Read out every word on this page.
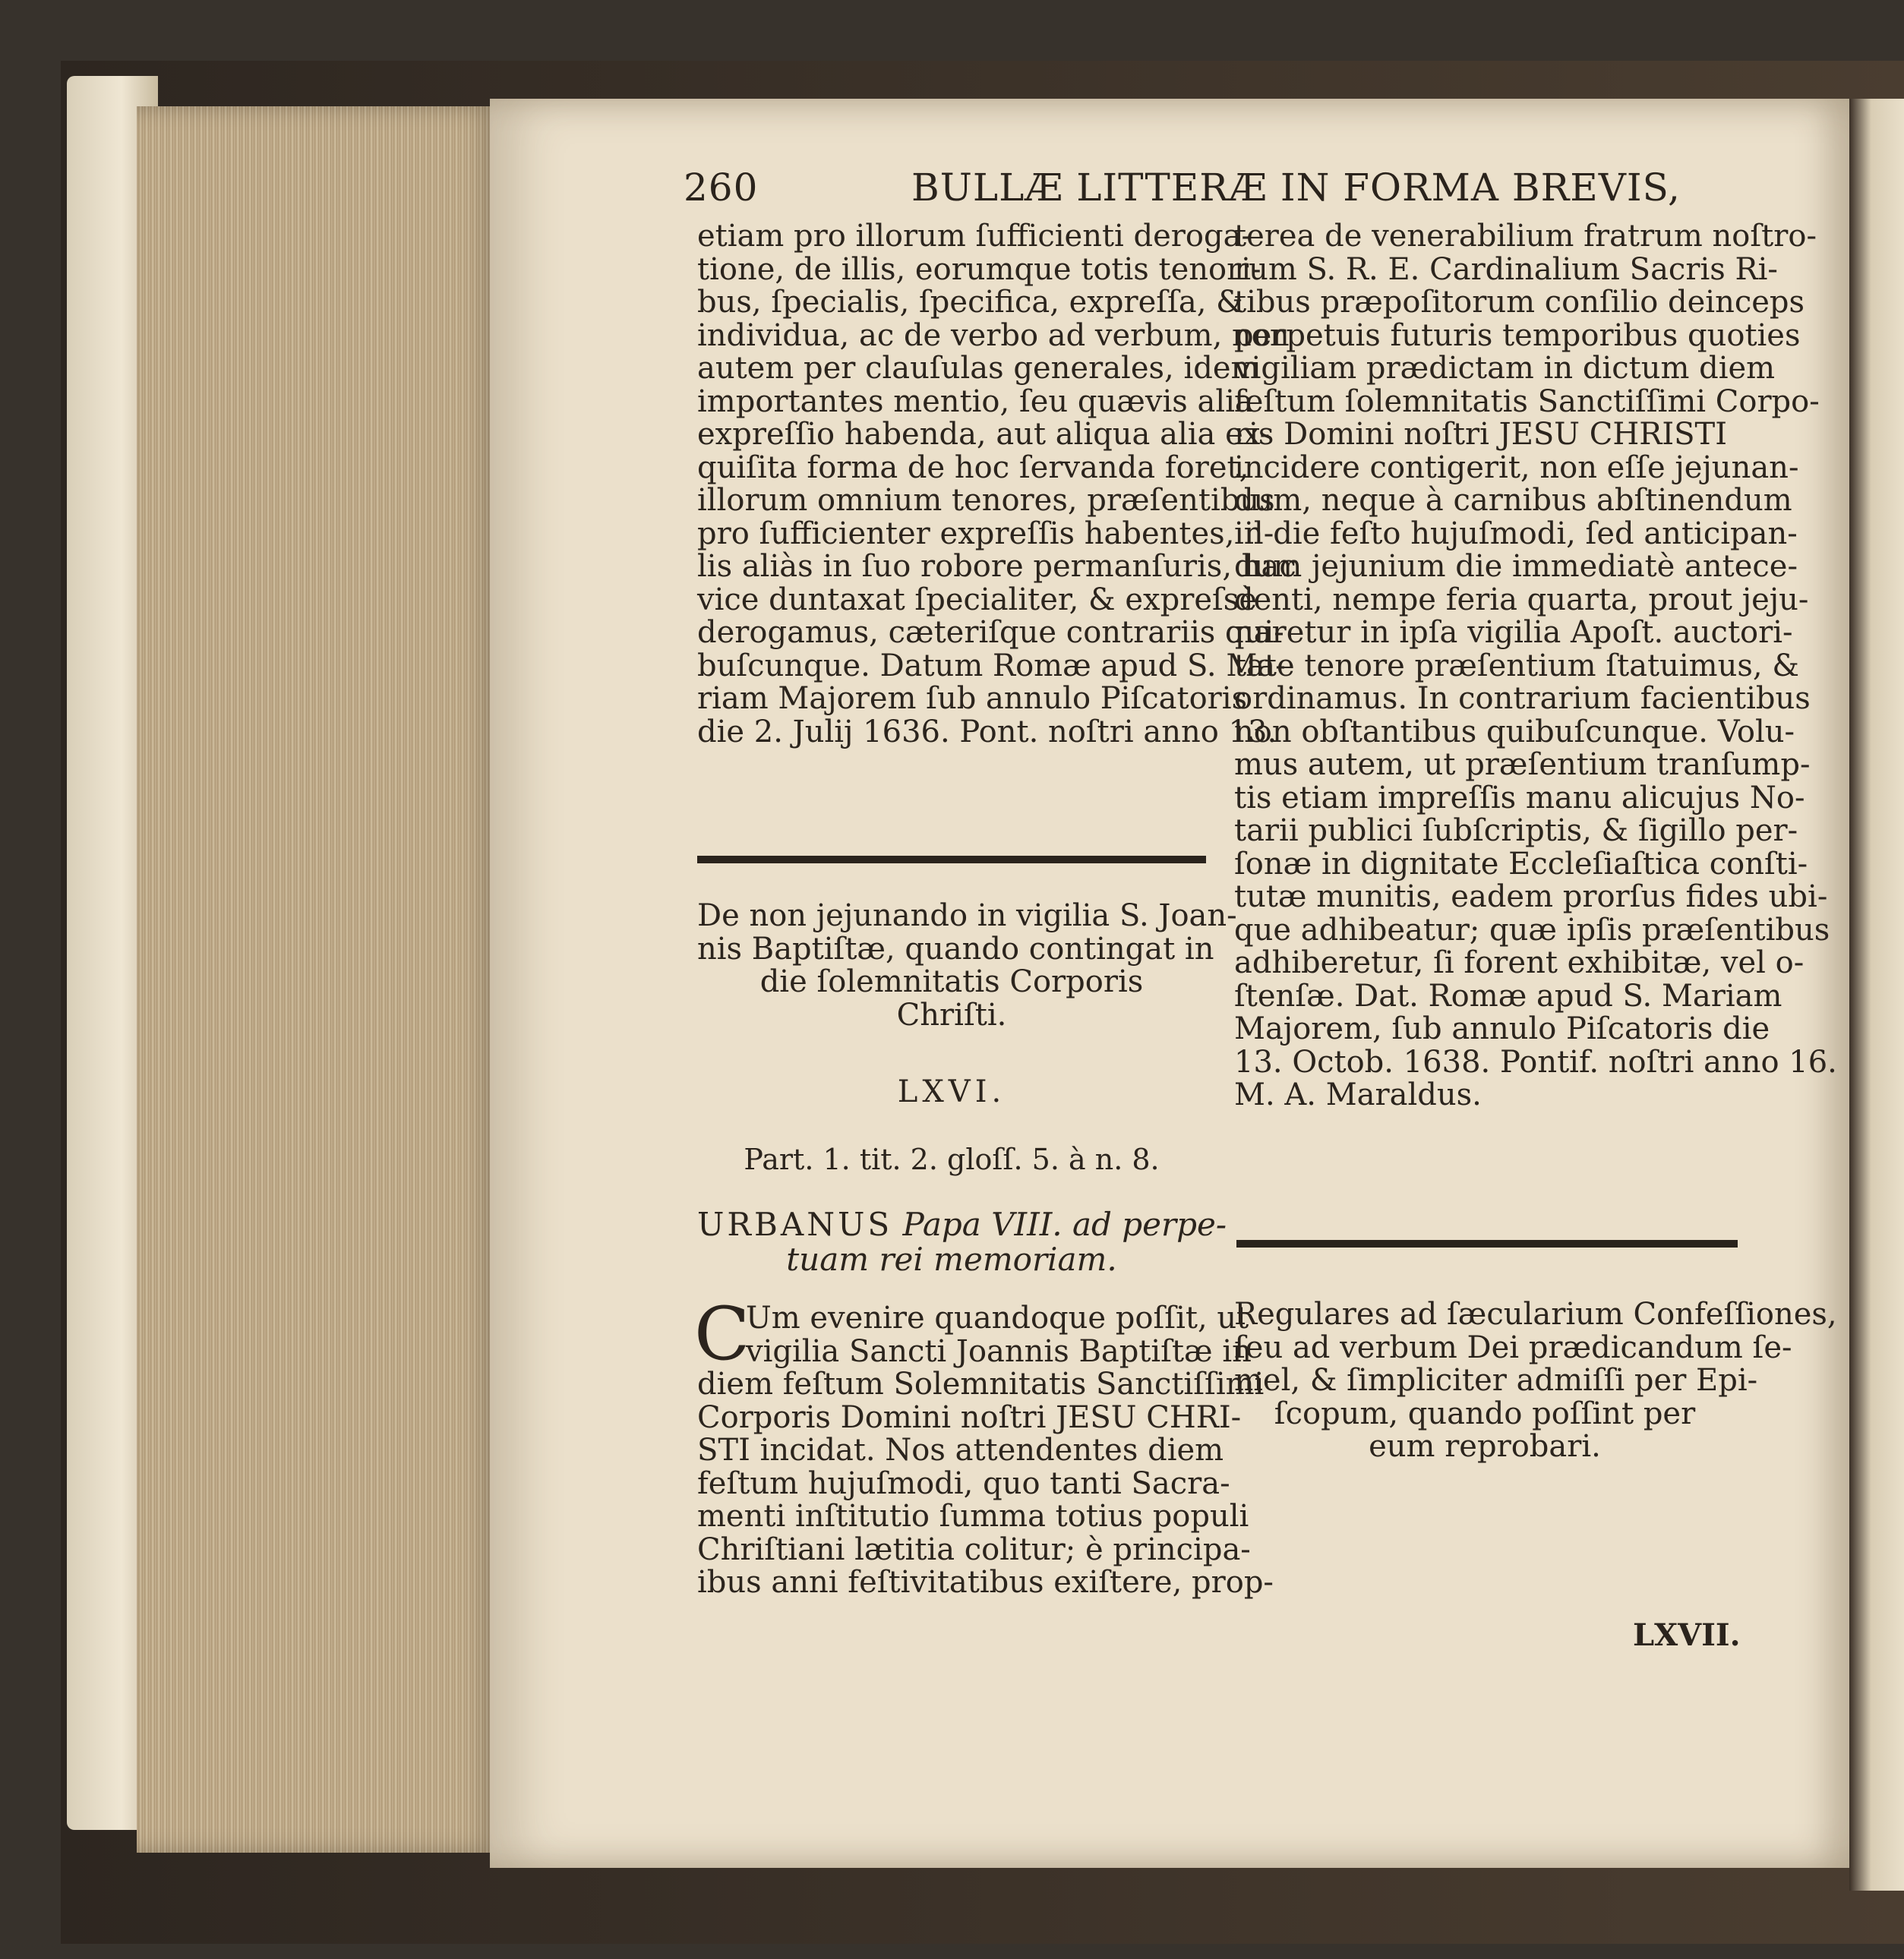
260	BULLÆ LITTERÆ IN FORMA BREVIS,
etiam pro illorum ſufficienti deroga-
tione, de illis, eorumque totis tenori-
bus, ſpecialis, ſpecifica, expreſſa, &
individua, ac de verbo ad verbum, non
autem per clauſulas generales, idem
importantes mentio, ſeu quævis alia
expreſſio habenda, aut aliqua alia ex-
quiſita forma de hoc ſervanda foret,
illorum omnium tenores, præſentibus
pro ſufficienter expreſſis habentes, il-
lis aliàs in ſuo robore permanſuris, hac
vice duntaxat ſpecialiter, & expreſsè
derogamus, cæteriſque contrariis qui-
buſcunque. Datum Romæ apud S. Ma-
riam Majorem ſub annulo Piſcatoris
die 2. Julij 1636. Pont. noſtri anno 13.
De non jejunando in vigilia S. Joan-
nis Baptiſtæ, quando contingat in
die ſolemnitatis Corporis
Chriſti.
LXVI.
Part. 1. tit. 2. gloſſ. 5. à n. 8.
URBANUS Papa VIII. ad perpe-
tuam rei memoriam.
C
Um evenire quandoque poſſit, ut
vigilia Sancti Joannis Baptiſtæ in
diem feſtum Solemnitatis Sanctiſſimi
Corporis Domini noſtri JESU CHRI-
STI incidat. Nos attendentes diem
feſtum hujuſmodi, quo tanti Sacra-
menti inſtitutio ſumma totius populi
Chriſtiani lætitia colitur; è principa-
ibus anni feſtivitatibus exiſtere, prop-
terea de venerabilium fratrum noſtro-
rum S. R. E. Cardinalium Sacris Ri-
tibus præpoſitorum conſilio deinceps
perpetuis futuris temporibus quoties
vigiliam prædictam in dictum diem
feſtum ſolemnitatis Sanctiſſimi Corpo-
ris Domini noſtri JESU CHRISTI
incidere contigerit, non eſſe jejunan-
dum, neque à carnibus abſtinendum
in die feſto hujuſmodi, ſed anticipan-
dum jejunium die immediatè antece-
denti, nempe feria quarta, prout jeju-
naretur in ipſa vigilia Apoſt. auctori-
tate tenore præſentium ſtatuimus, &
ordinamus. In contrarium facientibus
non obſtantibus quibuſcunque. Volu-
mus autem, ut præſentium tranſump-
tis etiam impreſſis manu alicujus No-
tarii publici ſubſcriptis, & ſigillo per-
ſonæ in dignitate Eccleſiaſtica conſti-
tutæ munitis, eadem prorſus fides ubi-
que adhibeatur; quæ ipſis præſentibus
adhiberetur, ſi forent exhibitæ, vel o-
ſtenſæ. Dat. Romæ apud S. Mariam
Majorem, ſub annulo Piſcatoris die
13. Octob. 1638. Pontif. noſtri anno 16.
M. A. Maraldus.
Regulares ad ſæcularium Confeſſiones,
ſeu ad verbum Dei prædicandum ſe-
mel, & ſimpliciter admiſſi per Epi-
ſcopum, quando poſſint per
eum reprobari.
LXVII.
